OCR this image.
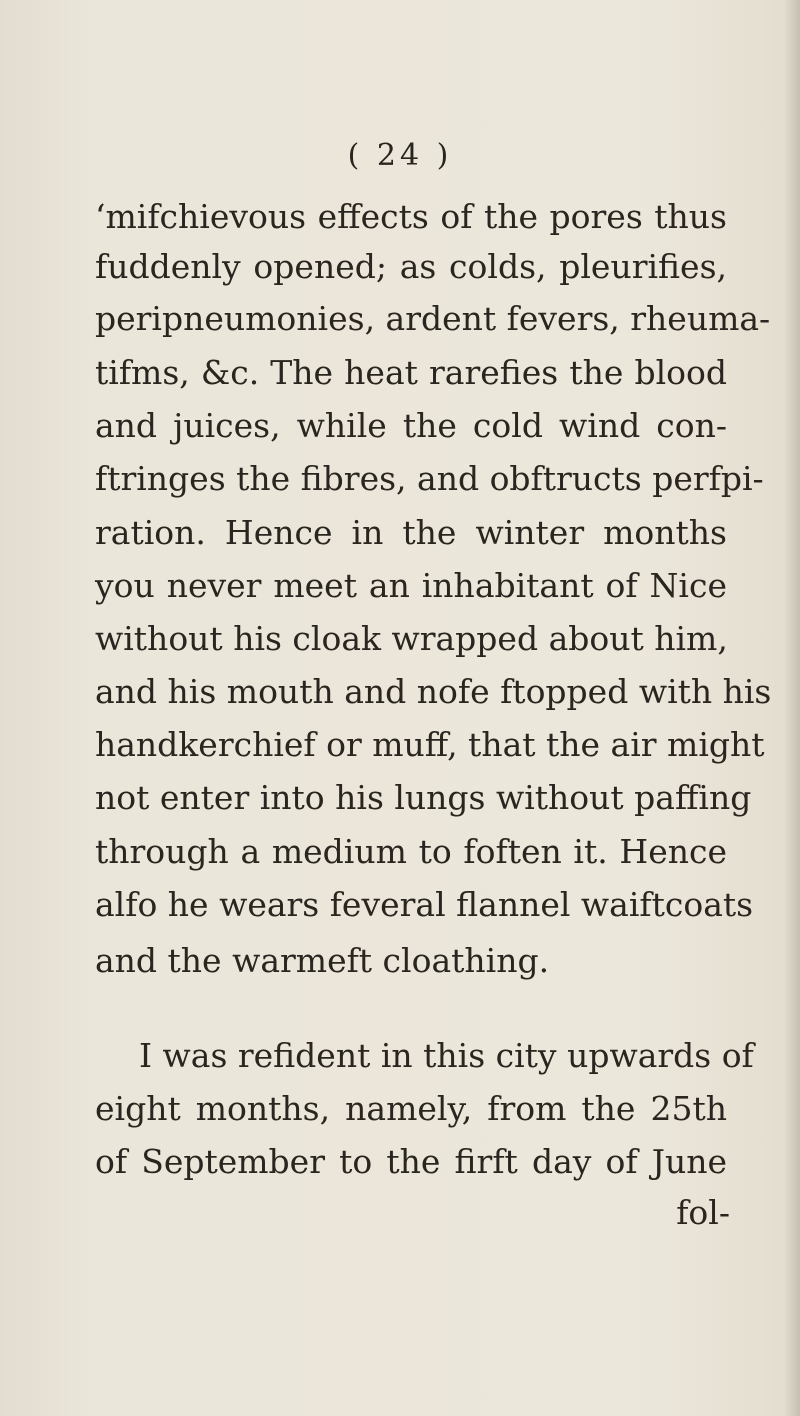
( 24 )
‘mifchievous effects of the pores thus
fuddenly opened; as colds, pleurifies,
peripneumonies, ardent fevers, rheuma-
tifms, &c. The heat rarefies the blood
and juices, while the cold wind con-
ftringes the fibres, and obftructs perfpi-
ration. Hence in the winter months
you never meet an inhabitant of Nice
without his cloak wrapped about him,
and his mouth and nofe ftopped with his
handkerchief or muff, that the air might
not enter into his lungs without paffing
through a medium to foften it. Hence
alfo he wears feveral flannel waiftcoats
and the warmeft cloathing.
I was refident in this city upwards of
eight months, namely, from the 25th
of September to the firft day of June
fol-
